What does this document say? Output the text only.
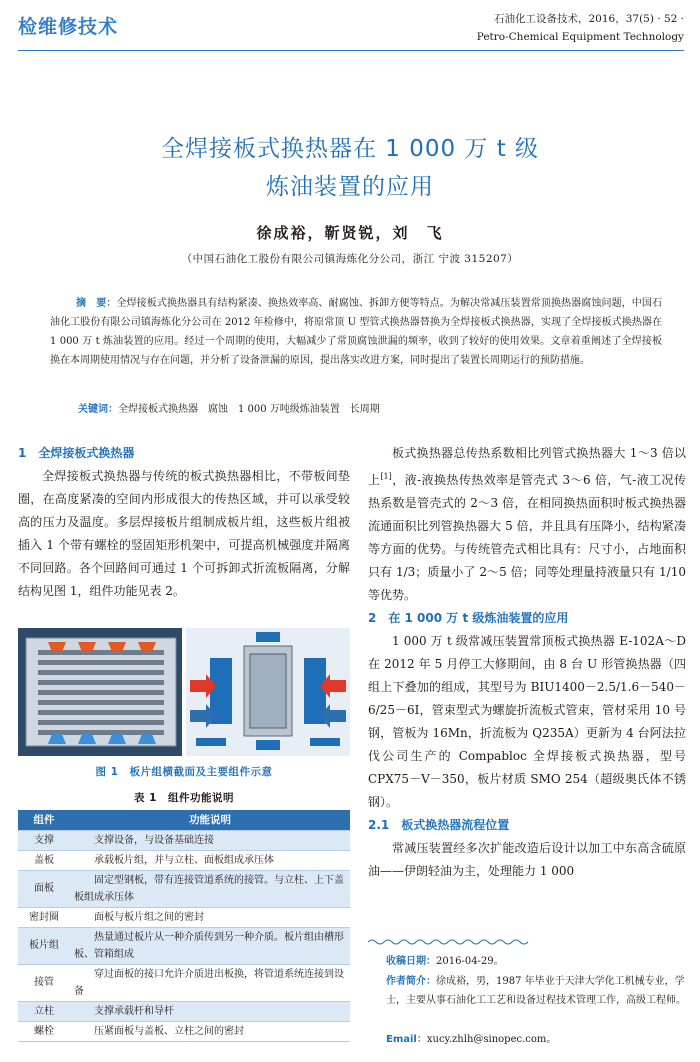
检维修技术	石油化工设备技术，2016，37(5) · 52 ·
Petro-Chemical Equipment Technology
全焊接板式换热器在 1 000 万 t 级
炼油装置的应用
徐成裕，靳贤锐，刘　飞
（中国石油化工股份有限公司镇海炼化分公司，浙江 宁波 315207）
摘　要：全焊接板式换热器具有结构紧凑、换热效率高、耐腐蚀、拆卸方便等特点。为解决常减压装置常顶换热器腐蚀问题，中国石油化工股份有限公司镇海炼化分公司在 2012 年检修中，将原常顶 U 型管式换热器替换为全焊接板式换热器，实现了全焊接板式换热器在 1 000 万 t 炼油装置的应用。经过一个周期的使用，大幅减少了常顶腐蚀泄漏的频率，收到了较好的使用效果。文章着重阐述了全焊接板换在本周期使用情况与存在问题，并分析了设备泄漏的原因，提出落实改进方案，同时提出了装置长周期运行的预防措施。
关键词：全焊接板式换热器　腐蚀　1 000 万吨级炼油装置　长周期
1　全焊接板式换热器
全焊接板式换热器与传统的板式换热器相比，不带板间垫圈，在高度紧凑的空间内形成很大的传热区域，并可以承受较高的压力及温度。多层焊接板片组制成板片组，这些板片组被插入 1 个带有螺栓的竖固矩形机架中，可提高机械强度并隔离不同回路。各个回路间可通过 1 个可拆卸式折流板隔离，分解结构见图 1，组件功能见表 2。
图 1　板片组横截面及主要组件示意
表 1　组件功能说明
组件	功能说明
支撑	支撑设备，与设备基础连接
盖板	承载板片组，并与立柱、面板组成承压体
面板	固定型钢板，带有连接管道系统的接管。与立柱、上下盖板组成承压体
密封圈	面板与板片组之间的密封
板片组	热量通过板片从一种介质传到另一种介质。板片组由槽形板、管箱组成
接管	穿过面板的接口允许介质进出板换，将管道系统连接到设备
立柱	支撑承载杆和导杆
螺栓	压紧面板与盖板、立柱之间的密封
板式换热器总传热系数相比列管式换热器大 1～3 倍以上[1]，液-液换热传热效率是管壳式 3～6 倍，气-液工况传热系数是管壳式的 2～3 倍，在相同换热面积时板式换热器流通面积比列管换热器大 5 倍，并且具有压降小，结构紧凑等方面的优势。与传统管壳式相比具有：尺寸小，占地面积只有 1/3；质量小了 2～5 倍；同等处理量持液量只有 1/10 等优势。
2　在 1 000 万 t 级炼油装置的应用
1 000 万 t 级常减压装置常顶板式换热器 E-102A～D 在 2012 年 5 月停工大修期间，由 8 台 U 形管换热器（四组上下叠加的组成，其型号为 BIU1400－2.5/1.6－540－6/25－6I，管束型式为螺旋折流板式管束，管材采用 10 号钢，管板为 16Mn，折流板为 Q235A）更新为 4 台阿法拉伐公司生产的 Compabloc 全焊接板式换热器，型号 CPX75－V－350，板片材质 SMO 254（超级奥氏体不锈钢）。
2.1　板式换热器流程位置
常减压装置经多次扩能改造后设计以加工中东高含硫原油——伊朗轻油为主，处理能力 1 000
收稿日期：2016-04-29。
作者简介：徐成裕，男，1987 年毕业于天津大学化工机械专业，学士，主要从事石油化工工艺和设备过程技术管理工作，高级工程师。
Email：xucy.zhlh@sinopec.com。
